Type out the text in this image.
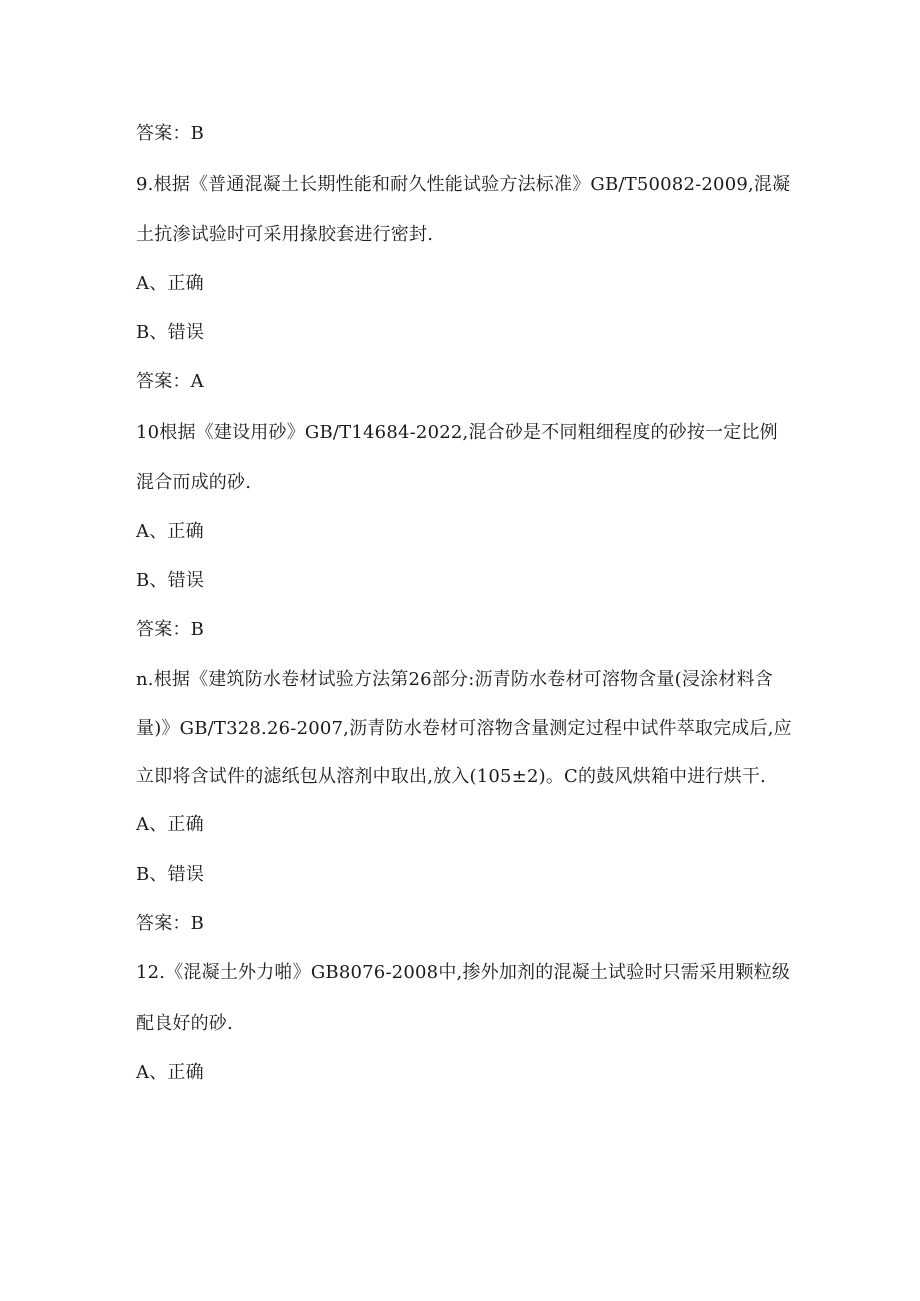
答案：B
9.根据《普通混凝土长期性能和耐久性能试验方法标准》GB/T50082-2009,混凝
土抗渗试验时可采用掾胶套进行密封.
A、正确
B、错误
答案：A
10根据《建设用砂》GB/T14684-2022,混合砂是不同粗细程度的砂按一定比例
混合而成的砂.
A、正确
B、错误
答案：B
n.根据《建筑防水卷材试验方法第26部分:沥青防水卷材可溶物含量(浸涂材料含
量)》GB/T328.26-2007,沥青防水卷材可溶物含量测定过程中试件萃取完成后,应
立即将含试件的滤纸包从溶剂中取出,放入(105±2)。C的鼓风烘箱中进行烘干.
A、正确
B、错误
答案：B
12.《混凝土外力啪》GB8076-2008中,掺外加剂的混凝土试验时只需采用颗粒级
配良好的砂.
A、正确
